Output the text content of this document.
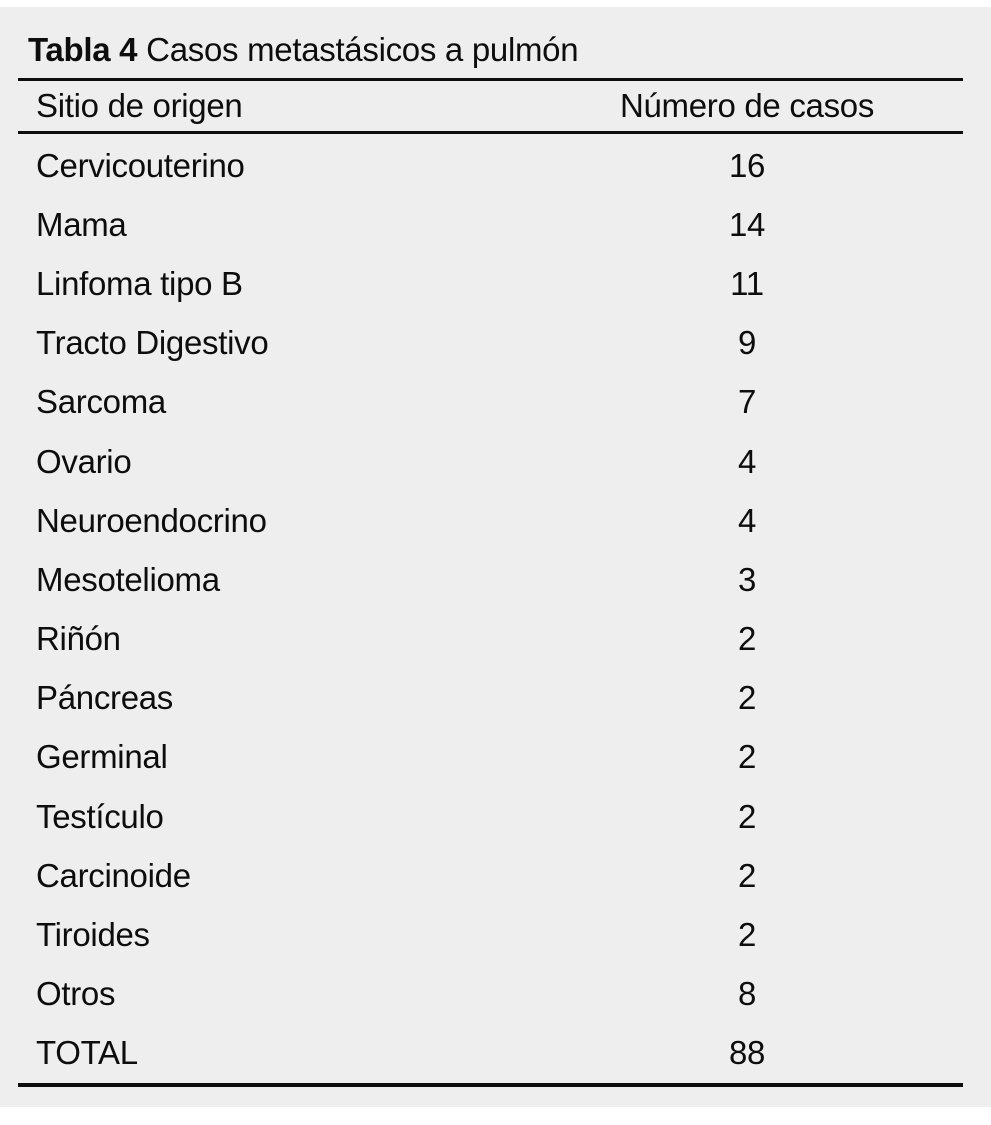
Tabla 4 Casos metastásicos a pulmón
Sitio de origen	Número de casos
Cervicouterino	16
Mama	14
Linfoma tipo B	11
Tracto Digestivo	9
Sarcoma	7
Ovario	4
Neuroendocrino	4
Mesotelioma	3
Riñón	2
Páncreas	2
Germinal	2
Testículo	2
Carcinoide	2
Tiroides	2
Otros	8
TOTAL	88
